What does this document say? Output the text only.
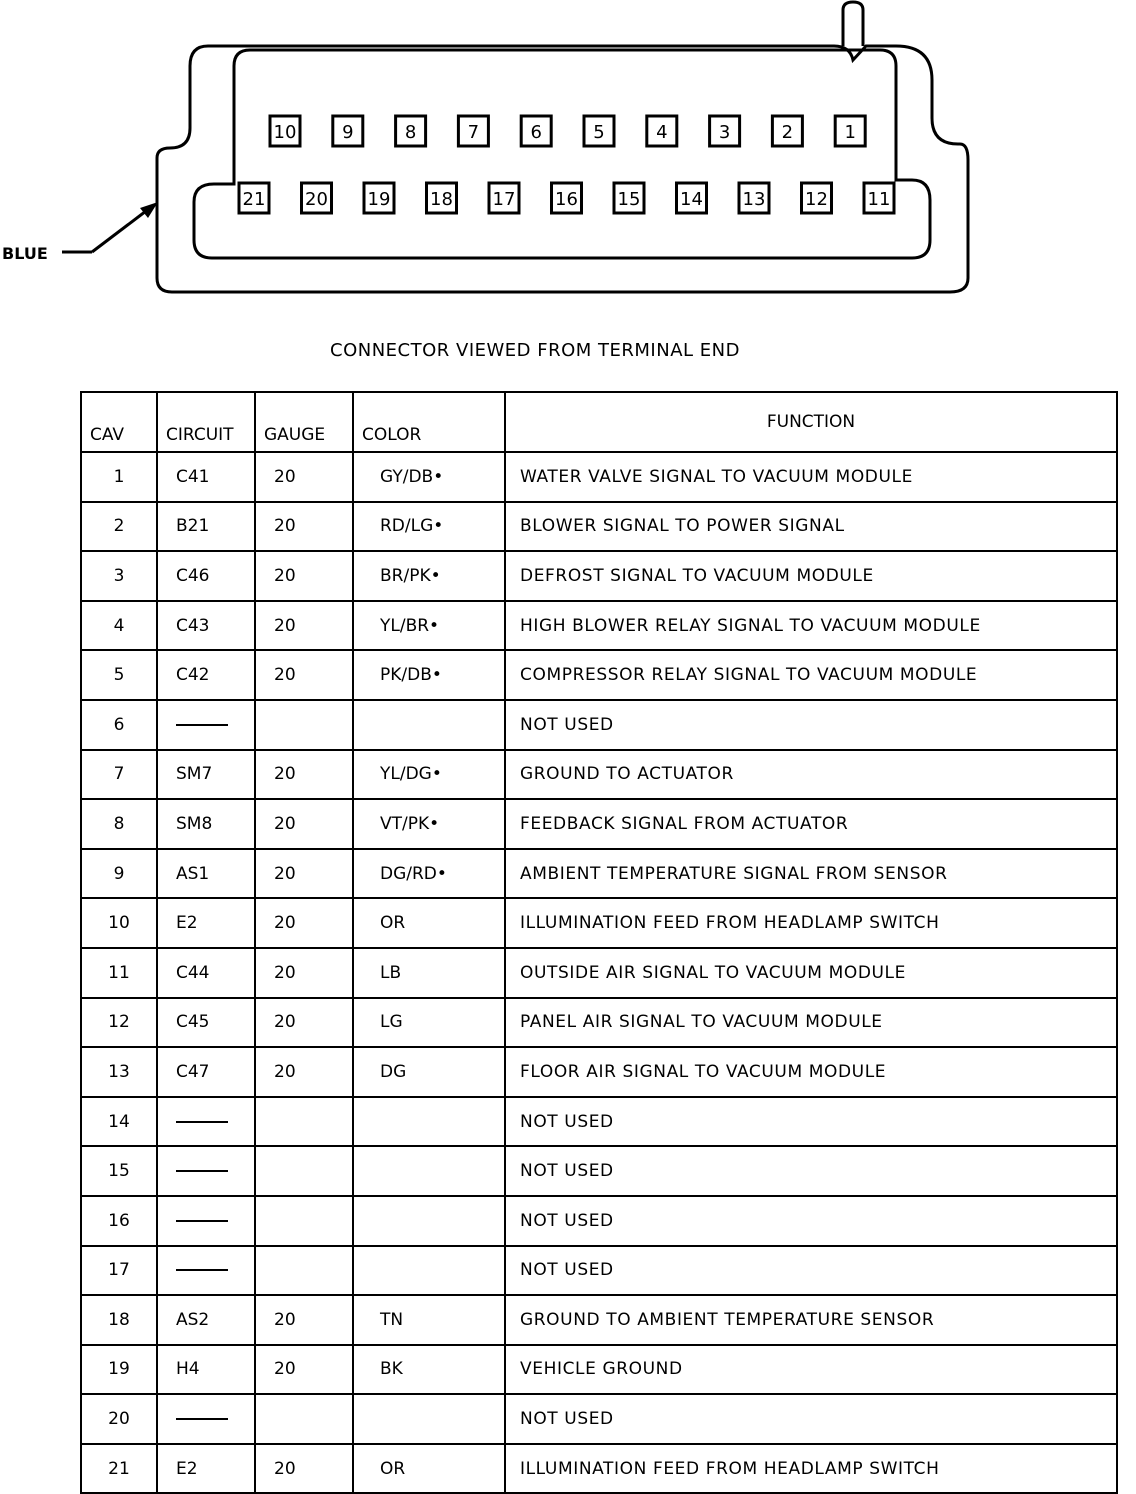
BLUE
10	9	8	7	6	5	4	3	2	1
21 20 19 18 17 16 15 14 13 12 11
CONNECTOR VIEWED FROM TERMINAL END
CAV	CIRCUIT	GAUGE	COLOR	FUNCTION
1	C41	20	GY/DB•	WATER VALVE SIGNAL TO VACUUM MODULE
2	B21	20	RD/LG•	BLOWER SIGNAL TO POWER SIGNAL
3	C46	20	BR/PK•	DEFROST SIGNAL TO VACUUM MODULE
4	C43	20	YL/BR•	HIGH BLOWER RELAY SIGNAL TO VACUUM MODULE
5	C42	20	PK/DB•	COMPRESSOR RELAY SIGNAL TO VACUUM MODULE
6				NOT USED
7	SM7	20	YL/DG•	GROUND TO ACTUATOR
8	SM8	20	VT/PK•	FEEDBACK SIGNAL FROM ACTUATOR
9	AS1	20	DG/RD•	AMBIENT TEMPERATURE SIGNAL FROM SENSOR
10	E2	20	OR	ILLUMINATION FEED FROM HEADLAMP SWITCH
11	C44	20	LB	OUTSIDE AIR SIGNAL TO VACUUM MODULE
12	C45	20	LG	PANEL AIR SIGNAL TO VACUUM MODULE
13	C47	20	DG	FLOOR AIR SIGNAL TO VACUUM MODULE
14				NOT USED
15				NOT USED
16				NOT USED
17				NOT USED
18	AS2	20	TN	GROUND TO AMBIENT TEMPERATURE SENSOR
19	H4	20	BK	VEHICLE GROUND
20				NOT USED
21	E2	20	OR	ILLUMINATION FEED FROM HEADLAMP SWITCH
